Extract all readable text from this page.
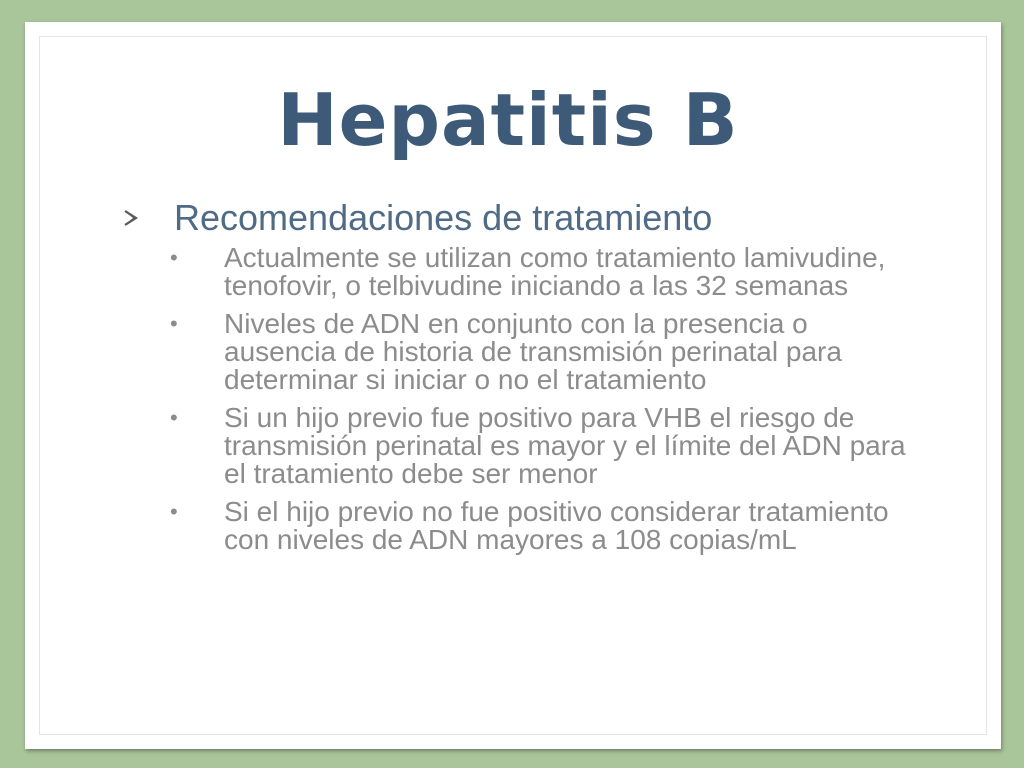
Hepatitis B
Recomendaciones de tratamiento
• Actualmente se utilizan como tratamiento lamivudine, tenofovir, o telbivudine iniciando a las 32 semanas
• Niveles de ADN en conjunto con la presencia o ausencia de historia de transmisión perinatal para determinar si iniciar o no el tratamiento
• Si un hijo previo fue positivo para VHB el riesgo de transmisión perinatal es mayor y el límite del ADN para el tratamiento debe ser menor
• Si el hijo previo no fue positivo considerar tratamiento con niveles de ADN mayores a 108 copias/mL
